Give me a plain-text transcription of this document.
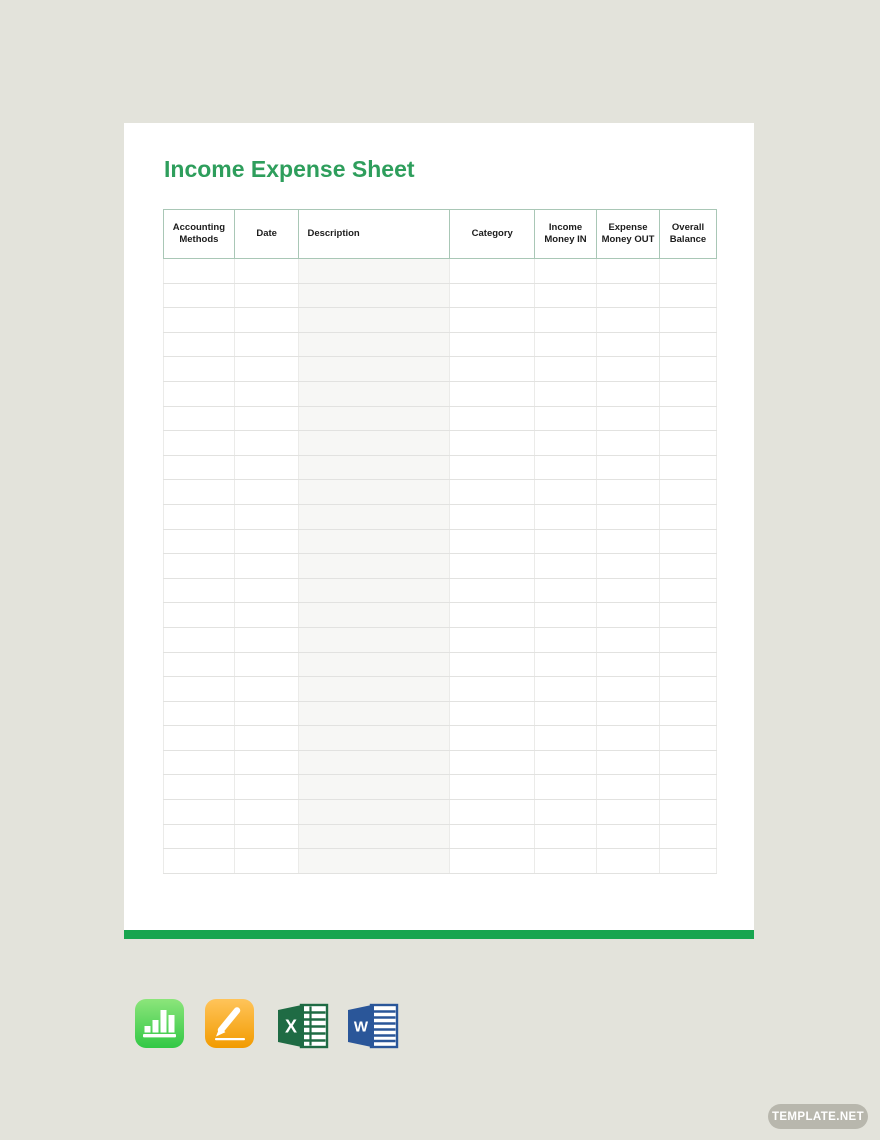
Income Expense Sheet
Accounting Methods	Date	Description	Category	Income Money IN	Expense Money OUT	Overall Balance

X	W
TEMPLATE.NET
